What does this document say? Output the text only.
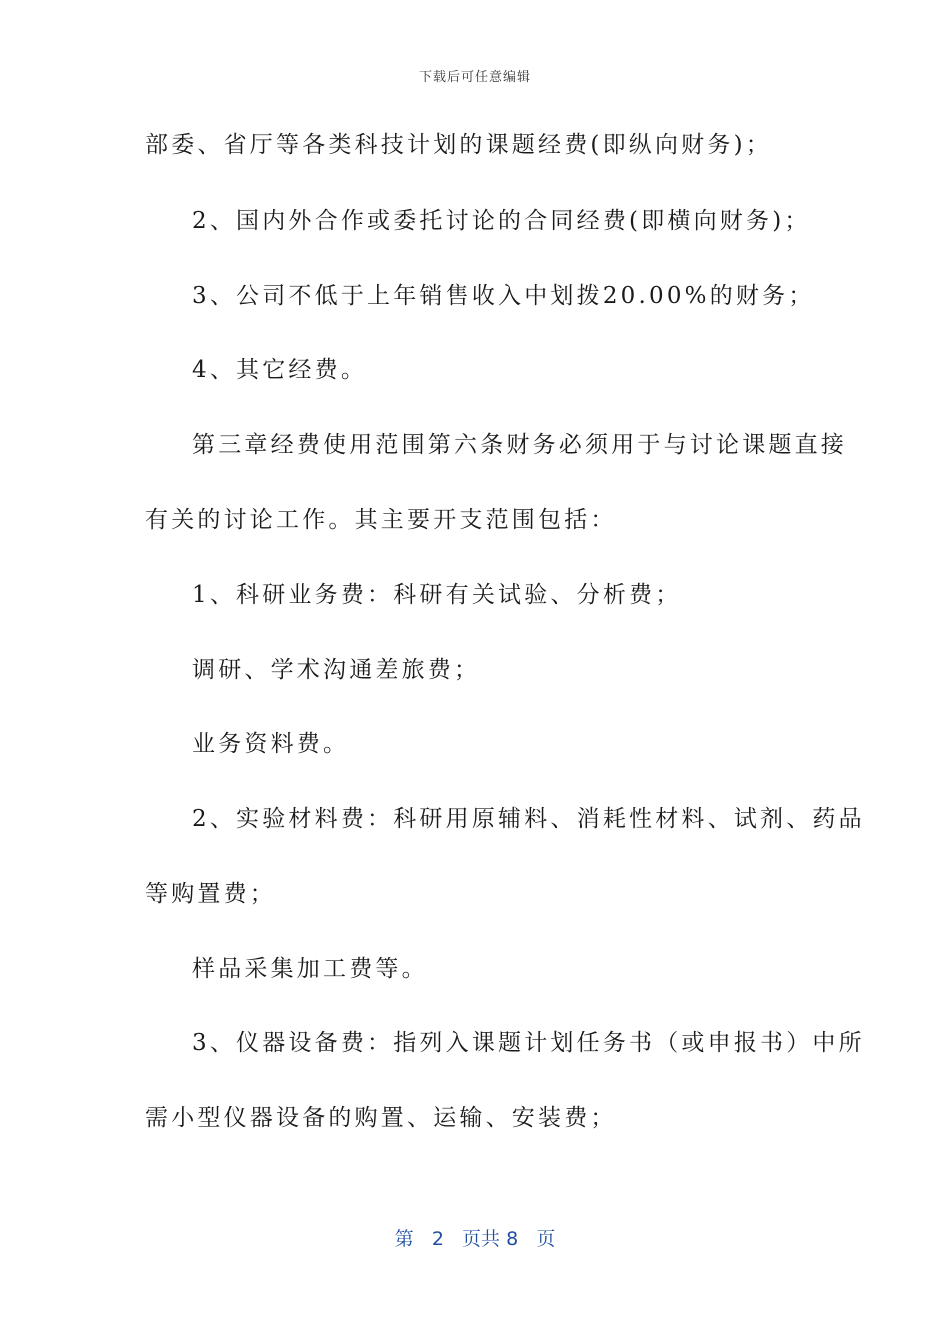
下载后可任意编辑
部委、省厅等各类科技计划的课题经费(即纵向财务)；
2、国内外合作或委托讨论的合同经费(即横向财务)；
3、公司不低于上年销售收入中划拨20.00%的财务；
4、其它经费。
第三章经费使用范围第六条财务必须用于与讨论课题直接
有关的讨论工作。其主要开支范围包括：
1、科研业务费：科研有关试验、分析费；
调研、学术沟通差旅费；
业务资料费。
2、实验材料费：科研用原辅料、消耗性材料、试剂、药品
等购置费；
样品采集加工费等。
3、仪器设备费：指列入课题计划任务书（或申报书）中所
需小型仪器设备的购置、运输、安装费；
第 2 页共 8 页
